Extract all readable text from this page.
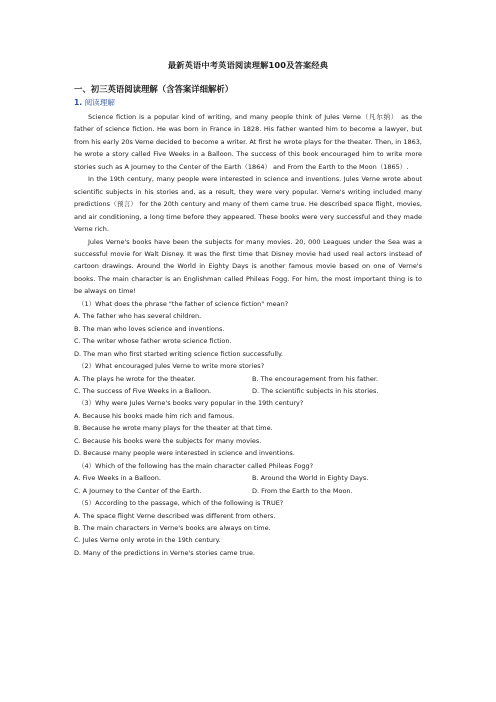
最新英语中考英语阅读理解100及答案经典
一、初三英语阅读理解（含答案详细解析）
1. 阅读理解

Science fiction is a popular kind of writing, and many people think of Jules Verne（凡尔纳） as the father of science fiction. He was born in France in 1828. His father wanted him to become a lawyer, but from his early 20s Verne decided to become a writer. At first he wrote plays for the theater. Then, in 1863, he wrote a story called Five Weeks in a Balloon. The success of this book encouraged him to write more stories such as A Journey to the Center of the Earth（1864） and From the Earth to the Moon（1865）.

In the 19th century, many people were interested in science and inventions. Jules Verne wrote about scientific subjects in his stories and, as a result, they were very popular. Verne's writing included many predictions（预言） for the 20th century and many of them came true. He described space flight, movies, and air conditioning, a long time before they appeared. These books were very successful and they made Verne rich.

Jules Verne's books have been the subjects for many movies. 20, 000 Leagues under the Sea was a successful movie for Walt Disney. It was the first time that Disney movie had used real actors instead of cartoon drawings. Around the World in Eighty Days is another famous movie based on one of Verne's books. The main character is an Englishman called Phileas Fogg. For him, the most important thing is to be always on time!

（1）What does the phrase "the father of science fiction" mean?

A. The father who has several children.

B. The man who loves science and inventions.

C. The writer whose father wrote science fiction.

D. The man who first started writing science fiction successfully.

（2）What encouraged Jules Verne to write more stories?

A. The plays he wrote for the theater.	B. The encouragement from his father.
C. The success of Five Weeks in a Balloon.	D. The scientific subjects in his stories.

（3）Why were Jules Verne's books very popular in the 19th century?

A. Because his books made him rich and famous.

B. Because he wrote many plays for the theater at that time.

C. Because his books were the subjects for many movies.

D. Because many people were interested in science and inventions.

（4）Which of the following has the main character called Phileas Fogg?

A. Five Weeks in a Balloon.	B. Around the World in Eighty Days.
C. A Journey to the Center of the Earth.	D. From the Earth to the Moon.

（5）According to the passage, which of the following is TRUE?

A. The space flight Verne described was different from others.

B. The main characters in Verne's books are always on time.

C. Jules Verne only wrote in the 19th century.

D. Many of the predictions in Verne's stories came true.
